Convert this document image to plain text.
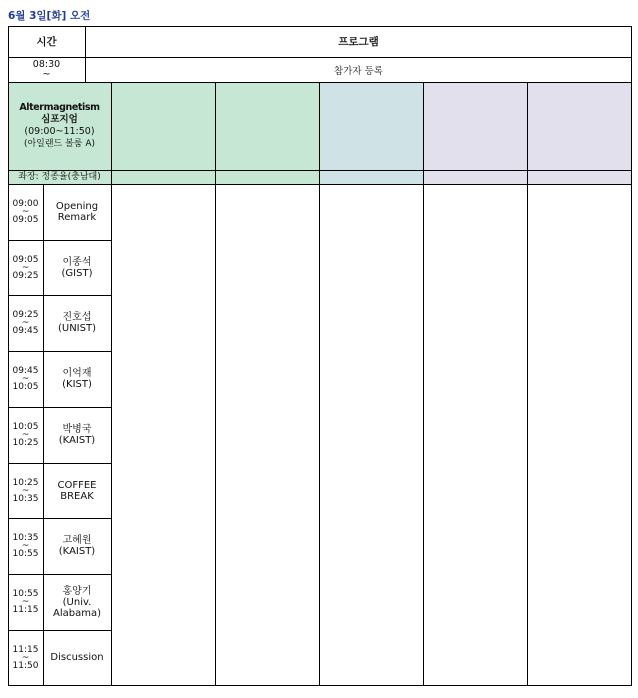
6월 3일[화] 오전
시간	프로그램
08:30
~	참가자 등록
Altermagnetism
심포지엄
(09:00~11:50)
(아일랜드 볼룸 A)
좌장: 정종율(충남대)
09:00
~
09:05
Opening
Remark
09:05
~
09:25
이종석
(GIST)
09:25
~
09:45
진호섭
(UNIST)
09:45
~
10:05
이억재
(KIST)
10:05
~
10:25
박병국
(KAIST)
10:25
~
10:35
COFFEE
BREAK
10:35
~
10:55
고혜원
(KAIST)
10:55
~
11:15
홍양기
(Univ.
Alabama)
11:15
~
11:50
Discussion
